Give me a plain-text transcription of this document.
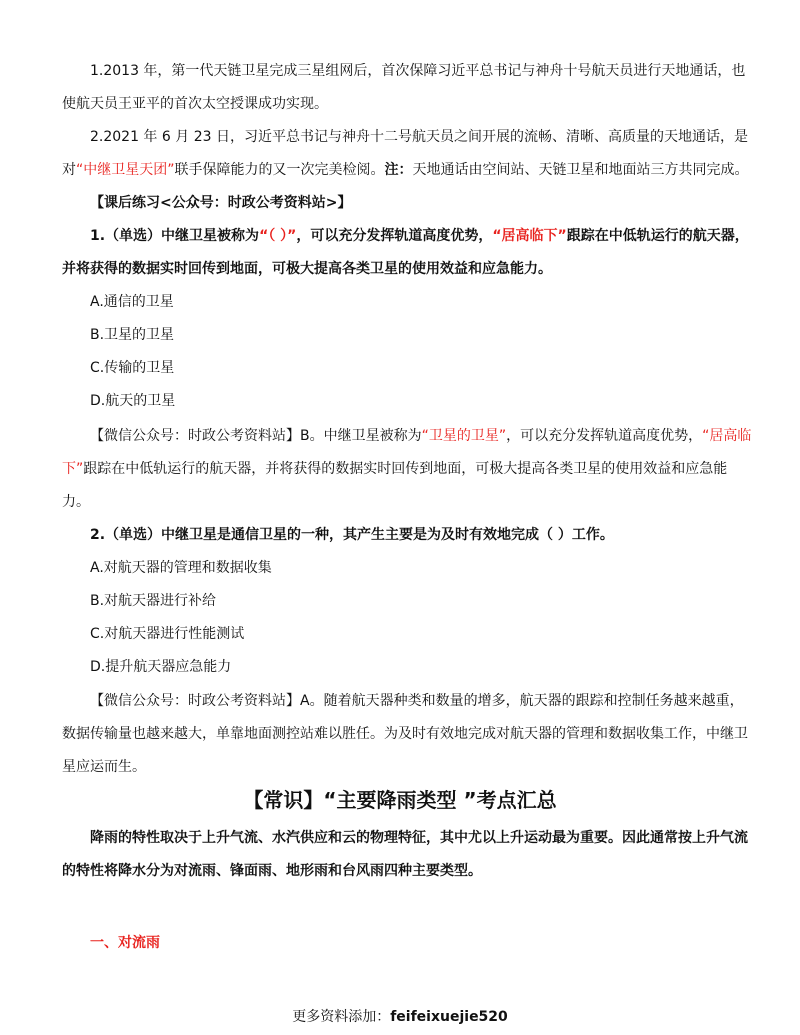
1.2013 年，第一代天链卫星完成三星组网后，首次保障习近平总书记与神舟十号航天员进行天地通话，也使航天员王亚平的首次太空授课成功实现。
2.2021 年 6 月 23 日，习近平总书记与神舟十二号航天员之间开展的流畅、清晰、高质量的天地通话，是对“中继卫星天团”联手保障能力的又一次完美检阅。注：天地通话由空间站、天链卫星和地面站三方共同完成。
【课后练习<公众号：时政公考资料站>】
1.（单选）中继卫星被称为“（ ）”，可以充分发挥轨道高度优势，“居高临下”跟踪在中低轨运行的航天器，并将获得的数据实时回传到地面，可极大提高各类卫星的使用效益和应急能力。
A.通信的卫星
B.卫星的卫星
C.传输的卫星
D.航天的卫星
【微信公众号：时政公考资料站】B。中继卫星被称为“卫星的卫星”，可以充分发挥轨道高度优势，“居高临下”跟踪在中低轨运行的航天器，并将获得的数据实时回传到地面，可极大提高各类卫星的使用效益和应急能力。
2.（单选）中继卫星是通信卫星的一种，其产生主要是为及时有效地完成（ ）工作。
A.对航天器的管理和数据收集
B.对航天器进行补给
C.对航天器进行性能测试
D.提升航天器应急能力
【微信公众号：时政公考资料站】A。随着航天器种类和数量的增多，航天器的跟踪和控制任务越来越重，数据传输量也越来越大，单靠地面测控站难以胜任。为及时有效地完成对航天器的管理和数据收集工作，中继卫星应运而生。
【常识】“主要降雨类型 ”考点汇总
降雨的特性取决于上升气流、水汽供应和云的物理特征，其中尤以上升运动最为重要。因此通常按上升气流的特性将降水分为对流雨、锋面雨、地形雨和台风雨四种主要类型。
一、对流雨
更多资料添加：feifeixuejie520
